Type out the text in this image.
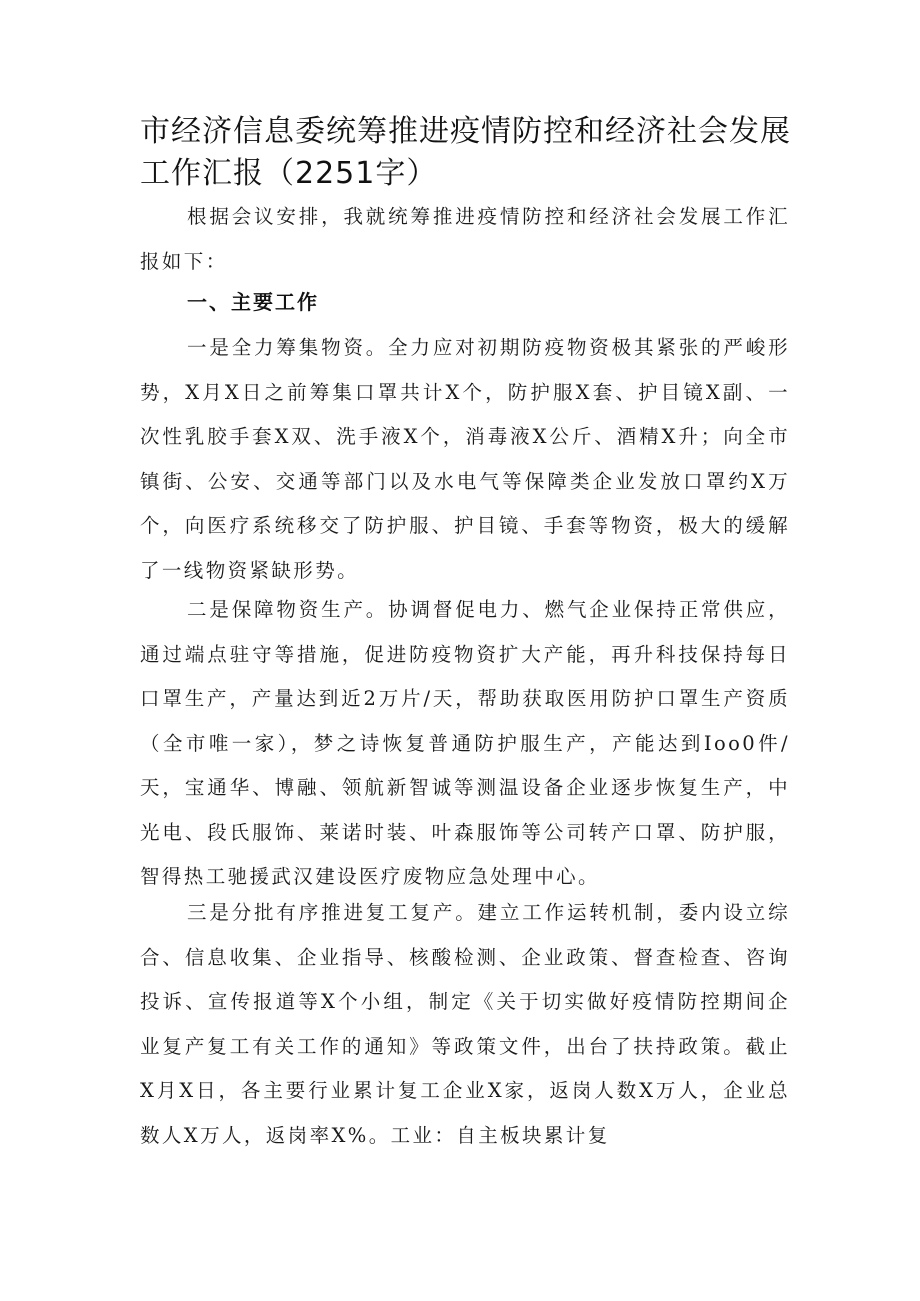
市经济信息委统筹推进疫情防控和经济社会发展工作汇报（2251字）

根据会议安排，我就统筹推进疫情防控和经济社会发展工作汇报如下：

一、主要工作

一是全力筹集物资。全力应对初期防疫物资极其紧张的严峻形势，X月X日之前筹集口罩共计X个，防护服X套、护目镜X副、一次性乳胶手套X双、洗手液X个，消毒液X公斤、酒精X升；向全市镇街、公安、交通等部门以及水电气等保障类企业发放口罩约X万个，向医疗系统移交了防护服、护目镜、手套等物资，极大的缓解了一线物资紧缺形势。

二是保障物资生产。协调督促电力、燃气企业保持正常供应，通过端点驻守等措施，促进防疫物资扩大产能，再升科技保持每日口罩生产，产量达到近2万片/天，帮助获取医用防护口罩生产资质（全市唯一家），梦之诗恢复普通防护服生产，产能达到Ioo0件/天，宝通华、博融、领航新智诚等测温设备企业逐步恢复生产，中光电、段氏服饰、莱诺时装、叶森服饰等公司转产口罩、防护服，智得热工驰援武汉建设医疗废物应急处理中心。

三是分批有序推进复工复产。建立工作运转机制，委内设立综合、信息收集、企业指导、核酸检测、企业政策、督查检查、咨询投诉、宣传报道等X个小组，制定《关于切实做好疫情防控期间企业复产复工有关工作的通知》等政策文件，出台了扶持政策。截止X月X日，各主要行业累计复工企业X家，返岗人数X万人，企业总数人X万人，返岗率X%。工业：自主板块累计复
